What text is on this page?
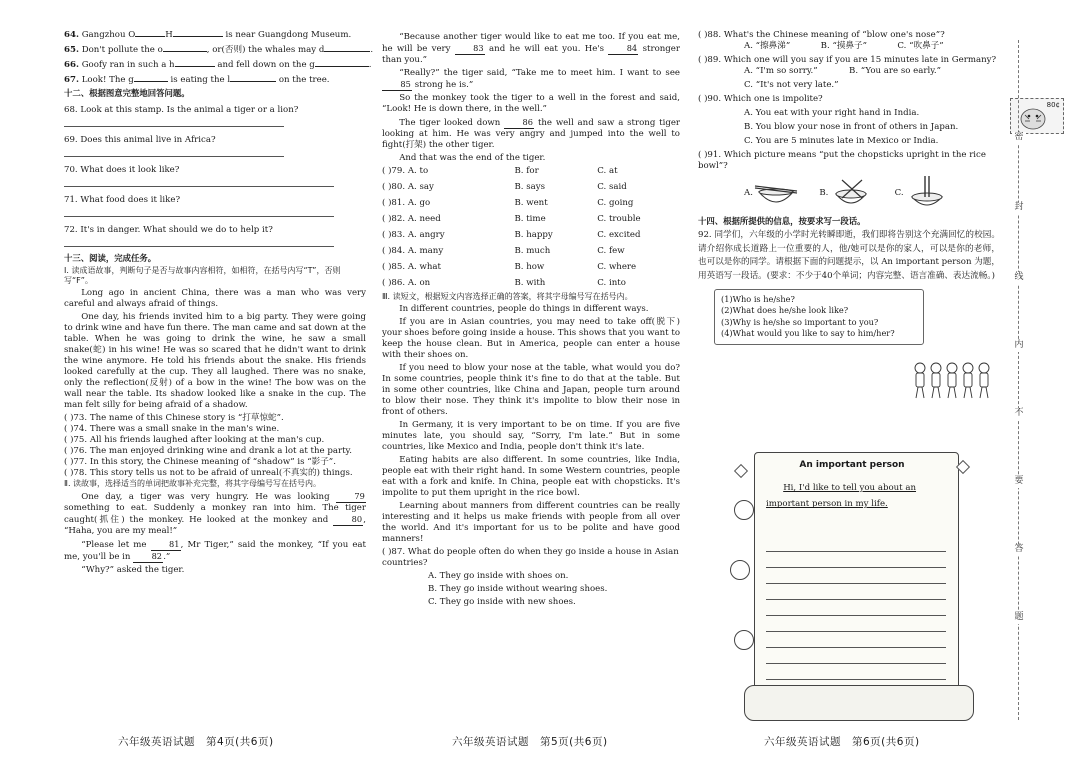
64. Gangzhou O	H	is near Guangdong Museum.
65. Don't pollute the o	, or(否则) the whales may d	.
66. Goofy ran in such a h	and fell down on the g	.
67. Look! The g	is eating the l	on the tree.
十二、根据图意完整地回答问题。
68. Look at this stamp. Is the animal a tiger or a lion?
69. Does this animal live in Africa?
70. What does it look like?
71. What food does it like?
72. It's in danger. What should we do to help it?
十三、阅读，完成任务。
Ⅰ. 读成语故事，判断句子是否与故事内容相符，如相符，在括号内写“T”，否则写“F”。
Long ago in ancient China, there was a man who was very careful and always afraid of things.
One day, his friends invited him to a big party. They were going to drink wine and have fun there. The man came and sat down at the table. When he was going to drink the wine, he saw a small snake(蛇) in his wine! He was so scared that he didn't want to drink the wine anymore. He told his friends about the snake. His friends looked carefully at the cup. They all laughed. There was no snake, only the reflection(反射) of a bow in the wine! The bow was on the wall near the table. Its shadow looked like a snake in the cup. The man felt silly for being afraid of a shadow.
( )73. The name of this Chinese story is “打草惊蛇”.
( )74. There was a small snake in the man's wine.
( )75. All his friends laughed after looking at the man's cup.
( )76. The man enjoyed drinking wine and drank a lot at the party.
( )77. In this story, the Chinese meaning of “shadow” is “影子”.
( )78. This story tells us not to be afraid of unreal(不真实的) things.
Ⅱ. 读故事，选择适当的单词把故事补充完整，将其字母编号写在括号内。
One day, a tiger was very hungry. He was looking	79 something to eat. Suddenly a monkey ran into him. The tiger caught(抓住) the monkey. He looked at the monkey and	80, “Haha, you are my meal!”
“Please let me	81, Mr Tiger,” said the monkey, “If you eat me, you'll be in	82.”
“Why?” asked the tiger.
80¢
六年级英语试题　第4页(共6页)
“Because another tiger would like to eat me too. If you eat me, he will be very	83 and he will eat you. He's	84 stronger than you.”
“Really?” the tiger said, “Take me to meet him. I want to see 85 strong he is.”
So the monkey took the tiger to a well in the forest and said, “Look! He is down there, in the well.”
The tiger looked down	86 the well and saw a strong tiger looking at him. He was very angry and jumped into the well to fight(打架) the other tiger.
And that was the end of the tiger.
( )79. A. to	B. for	C. at
( )80. A. say	B. says	C. said
( )81. A. go	B. went	C. going
( )82. A. need	B. time	C. trouble
( )83. A. angry	B. happy	C. excited
( )84. A. many	B. much	C. few
( )85. A. what	B. how	C. where
( )86. A. on	B. with	C. into
Ⅲ. 读短文，根据短文内容选择正确的答案，将其字母编号写在括号内。
In different countries, people do things in different ways.
If you are in Asian countries, you may need to take off(脱下) your shoes before going inside a house. This shows that you want to keep the house clean. But in America, people can enter a house with their shoes on.
If you need to blow your nose at the table, what would you do? In some countries, people think it's fine to do that at the table. But in some other countries, like China and Japan, people turn around to blow their nose. They think it's impolite to blow their nose in front of others.
In Germany, it is very important to be on time. If you are five minutes late, you should say, “Sorry, I'm late.” But in some countries, like Mexico and India, people don't think it's late.
Eating habits are also different. In some countries, like India, people eat with their right hand. In some Western countries, people eat with a fork and knife. In China, people eat with chopsticks. It's impolite to put them upright in the rice bowl.
Learning about manners from different countries can be really interesting and it helps us make friends with people from all over the world. And it's important for us to be polite and have good manners!
( )87. What do people often do when they go inside a house in Asian countries?
A. They go inside with shoes on.
B. They go inside without wearing shoes.
C. They go inside with new shoes.
六年级英语试题　第5页(共6页)
( )88. What's the Chinese meaning of “blow one's nose”?
A. “擦鼻涕”	B. “摸鼻子”	C. “吹鼻子”
( )89. Which one will you say if you are 15 minutes late in Germany?
A. “I'm so sorry.”	B. “You are so early.”
C. “It's not very late.”
( )90. Which one is impolite?
A. You eat with your right hand in India.
B. You blow your nose in front of others in Japan.
C. You are 5 minutes late in Mexico or India.
( )91. Which picture means “put the chopsticks upright in the rice bowl”?
A.	B.	C.
十四、根据所提供的信息，按要求写一段话。
92. 同学们，六年级的小学时光转瞬即逝，我们即将告别这个充满回忆的校园。请介绍你成长道路上一位重要的人，他/她可以是你的家人，可以是你的老师，也可以是你的同学。请根据下面的问题提示，以 An important person 为题，用英语写一段话。(要求：不少于40个单词；内容完整、语言准确、表达流畅。)
(1)Who is he/she?
(2)What does he/she look like?
(3)Why is he/she so important to you?
(4)What would you like to say to him/her?
An important person
Hi, I'd like to tell you about an important person in my life.
六年级英语试题　第6页(共6页)
密
封
线
内
不
要
答
题
